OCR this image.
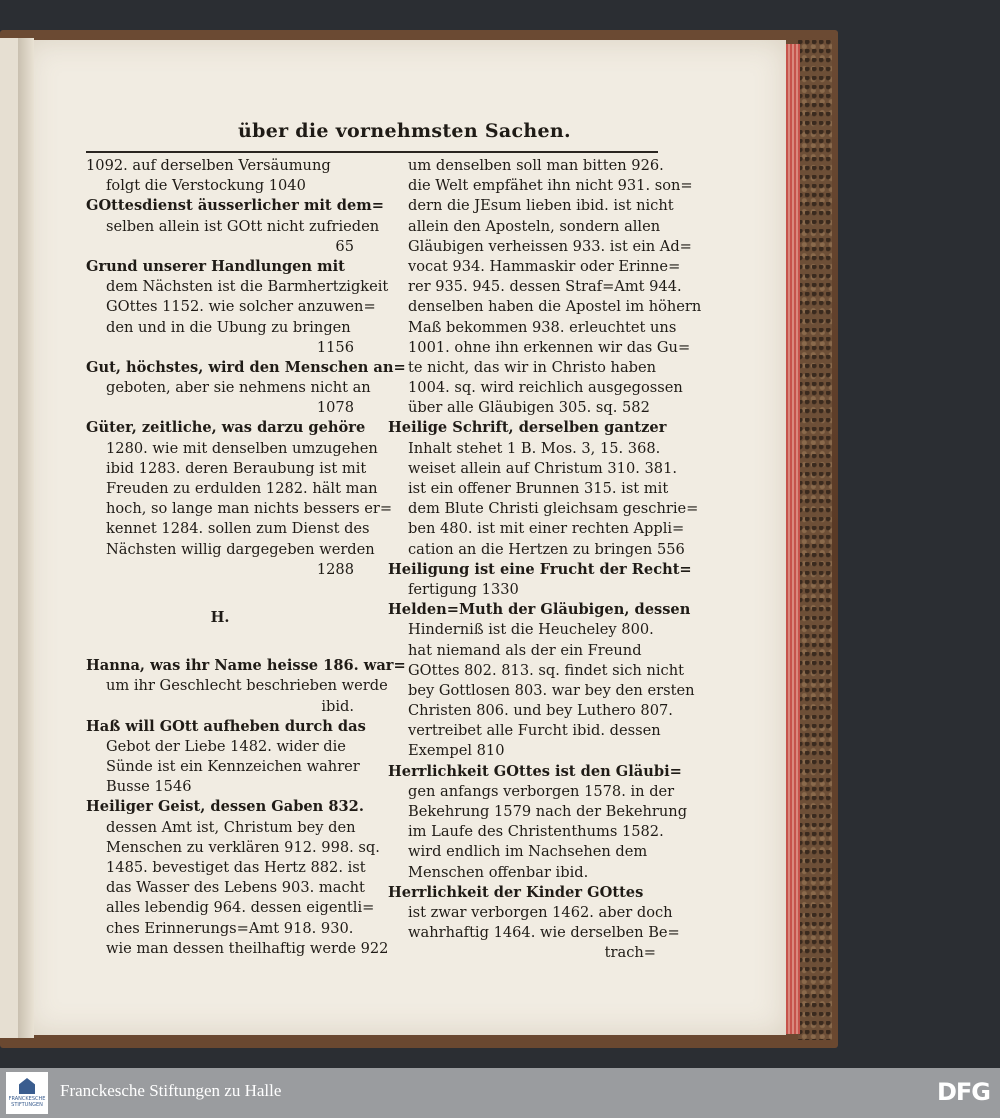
über die vornehmsten Sachen.
1092. auf derselben Versäumung
folgt die Verstockung 1040
GOttesdienst äusserlicher mit dem=
selben allein ist GOtt nicht zufrieden
65
Grund unserer Handlungen mit
dem Nächsten ist die Barmhertzigkeit
GOttes 1152. wie solcher anzuwen=
den und in die Ubung zu bringen
1156
Gut, höchstes, wird den Menschen an=
geboten, aber sie nehmens nicht an
1078
Güter, zeitliche, was darzu gehöre
1280. wie mit denselben umzugehen
ibid 1283. deren Beraubung ist mit
Freuden zu erdulden 1282. hält man
hoch, so lange man nichts bessers er=
kennet 1284. sollen zum Dienst des
Nächsten willig dargegeben werden
1288
H.
Hanna, was ihr Name heisse 186. war=
um ihr Geschlecht beschrieben werde
ibid.
Haß will GOtt aufheben durch das
Gebot der Liebe 1482. wider die
Sünde ist ein Kennzeichen wahrer
Busse 1546
Heiliger Geist, dessen Gaben 832.
dessen Amt ist, Christum bey den
Menschen zu verklären 912. 998. sq.
1485. bevestiget das Hertz 882. ist
das Wasser des Lebens 903. macht
alles lebendig 964. dessen eigentli=
ches Erinnerungs=Amt 918. 930.
wie man dessen theilhaftig werde 922
um denselben soll man bitten 926.
die Welt empfähet ihn nicht 931. son=
dern die JEsum lieben ibid. ist nicht
allein den Aposteln, sondern allen
Gläubigen verheissen 933. ist ein Ad=
vocat 934. Hammaskir oder Erinne=
rer 935. 945. dessen Straf=Amt 944.
denselben haben die Apostel im höhern
Maß bekommen 938. erleuchtet uns
1001. ohne ihn erkennen wir das Gu=
te nicht, das wir in Christo haben
1004. sq. wird reichlich ausgegossen
über alle Gläubigen 305. sq. 582
Heilige Schrift, derselben gantzer
Inhalt stehet 1 B. Mos. 3, 15. 368.
weiset allein auf Christum 310. 381.
ist ein offener Brunnen 315. ist mit
dem Blute Christi gleichsam geschrie=
ben 480. ist mit einer rechten Appli=
cation an die Hertzen zu bringen 556
Heiligung ist eine Frucht der Recht=
fertigung 1330
Helden=Muth der Gläubigen, dessen
Hinderniß ist die Heucheley 800.
hat niemand als der ein Freund
GOttes 802. 813. sq. findet sich nicht
bey Gottlosen 803. war bey den ersten
Christen 806. und bey Luthero 807.
vertreibet alle Furcht ibid. dessen
Exempel 810
Herrlichkeit GOttes ist den Gläubi=
gen anfangs verborgen 1578. in der
Bekehrung 1579 nach der Bekehrung
im Laufe des Christenthums 1582.
wird endlich im Nachsehen dem
Menschen offenbar ibid.
Herrlichkeit der Kinder GOttes
ist zwar verborgen 1462. aber doch
wahrhaftig 1464. wie derselben Be=
trach=
FRANCKESCHE STIFTUNGEN
Franckesche Stiftungen zu Halle	DFG
